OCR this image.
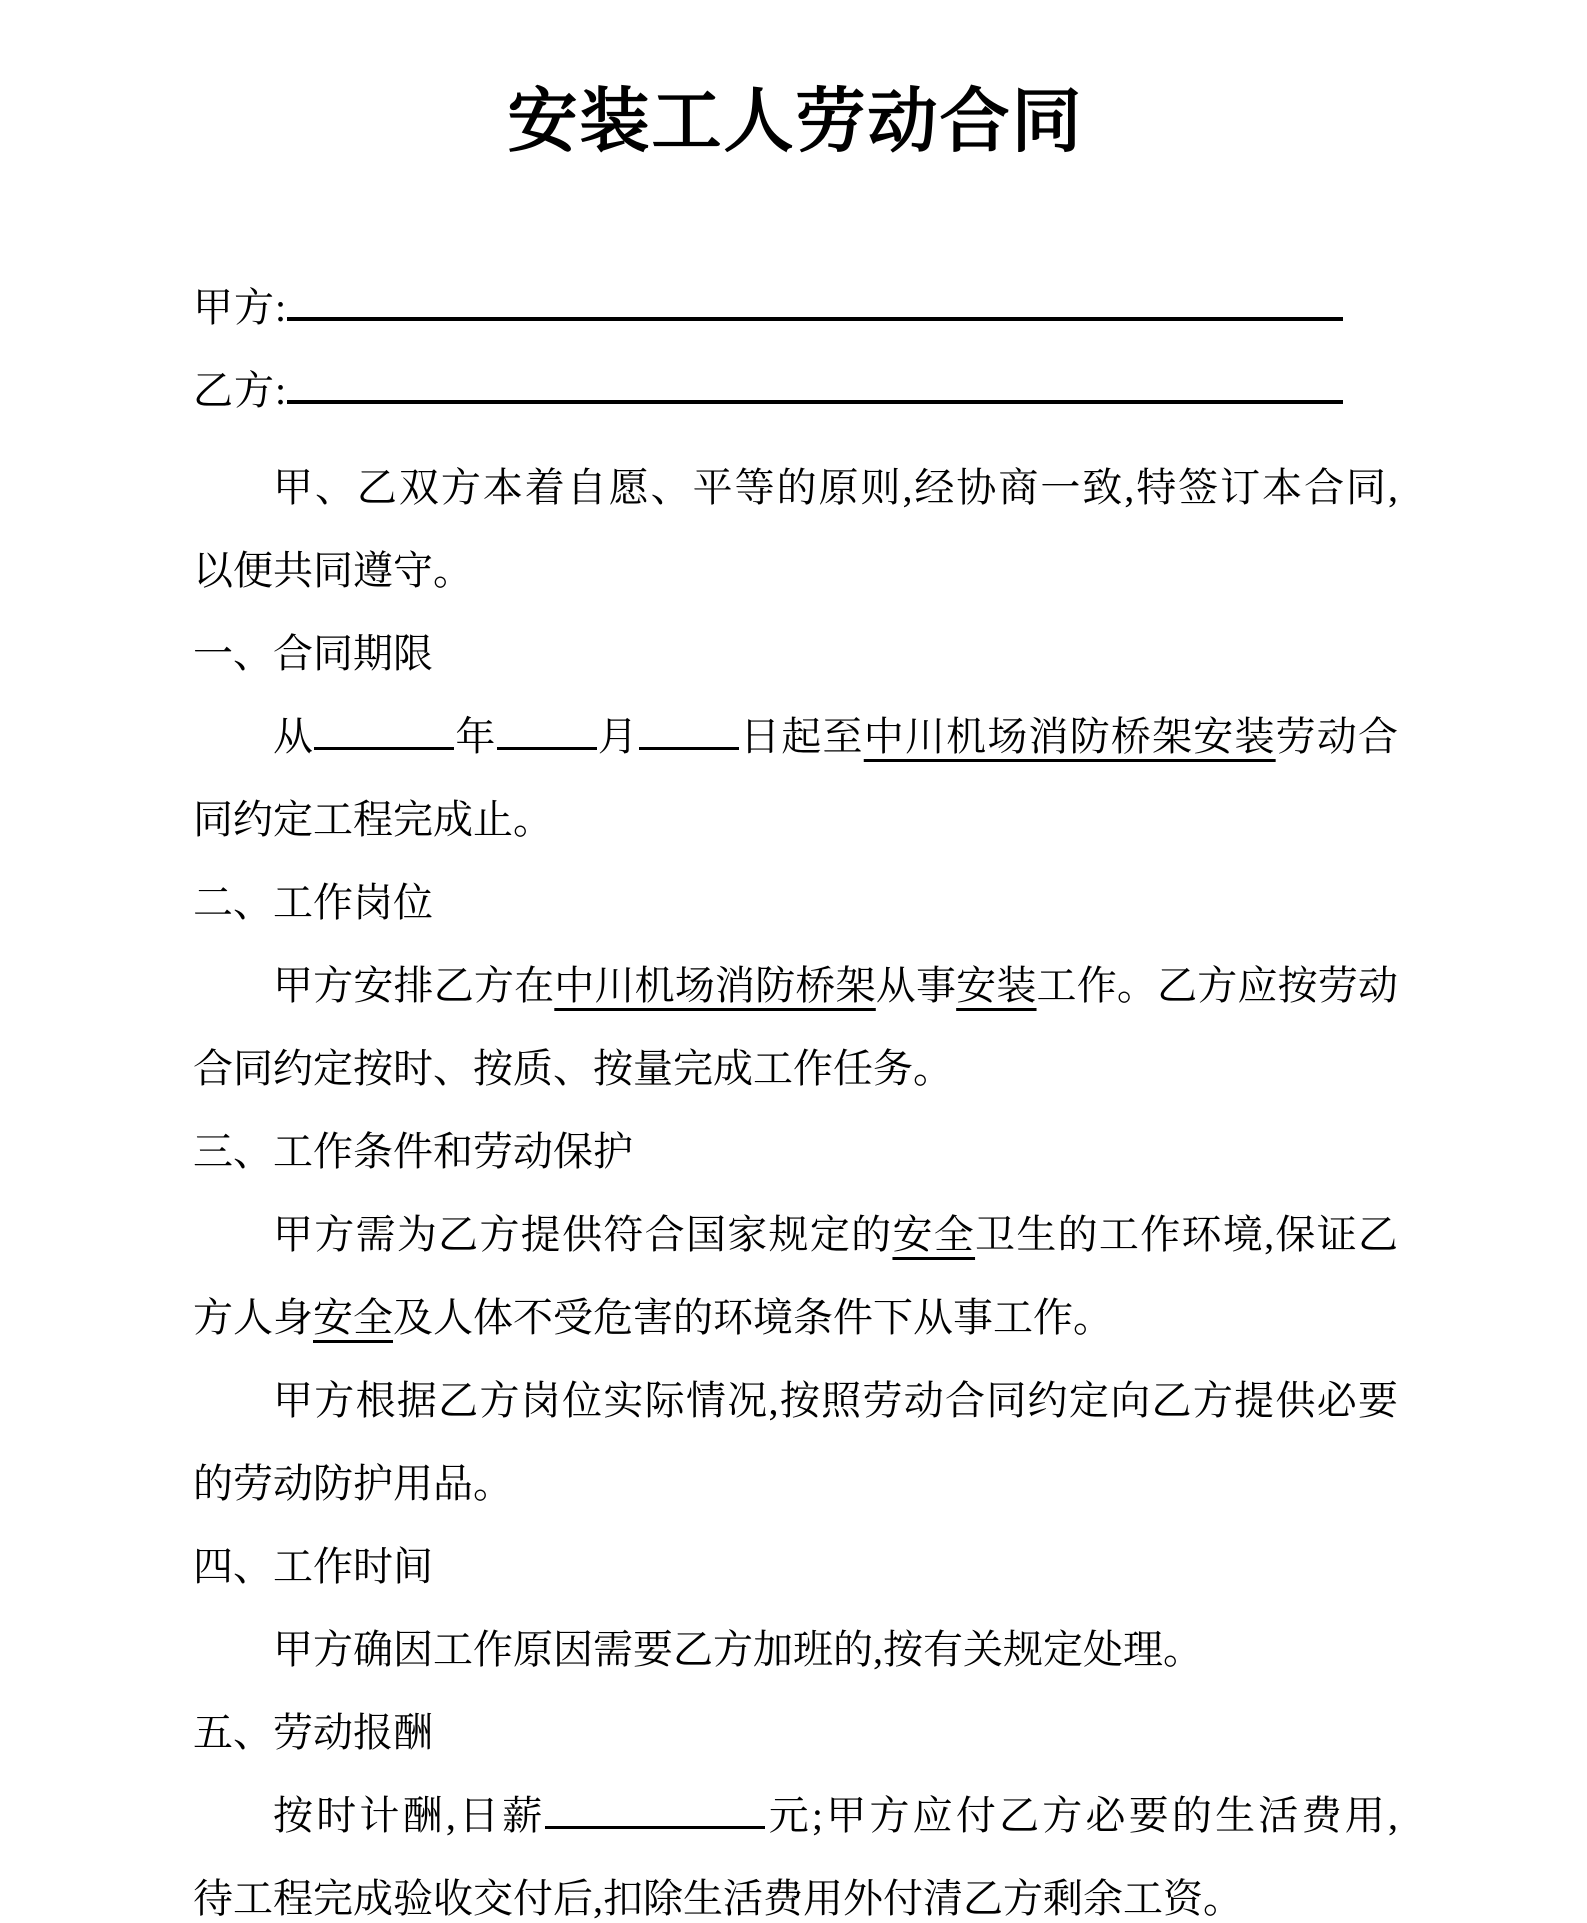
安装工人劳动合同
甲方:
乙方:
甲、乙双方本着自愿、平等的原则,经协商一致,特签订本合同,
以便共同遵守。
一、合同期限
从	年	月	日起至中川机场消防桥架安装劳动合
同约定工程完成止。
二、工作岗位
甲方安排乙方在中川机场消防桥架从事安装工作。乙方应按劳动
合同约定按时、按质、按量完成工作任务。
三、工作条件和劳动保护
甲方需为乙方提供符合国家规定的安全卫生的工作环境,保证乙
方人身安全及人体不受危害的环境条件下从事工作。
甲方根据乙方岗位实际情况,按照劳动合同约定向乙方提供必要
的劳动防护用品。
四、工作时间
甲方确因工作原因需要乙方加班的,按有关规定处理。
五、劳动报酬
按时计酬,日薪	元;甲方应付乙方必要的生活费用,
待工程完成验收交付后,扣除生活费用外付清乙方剩余工资。
